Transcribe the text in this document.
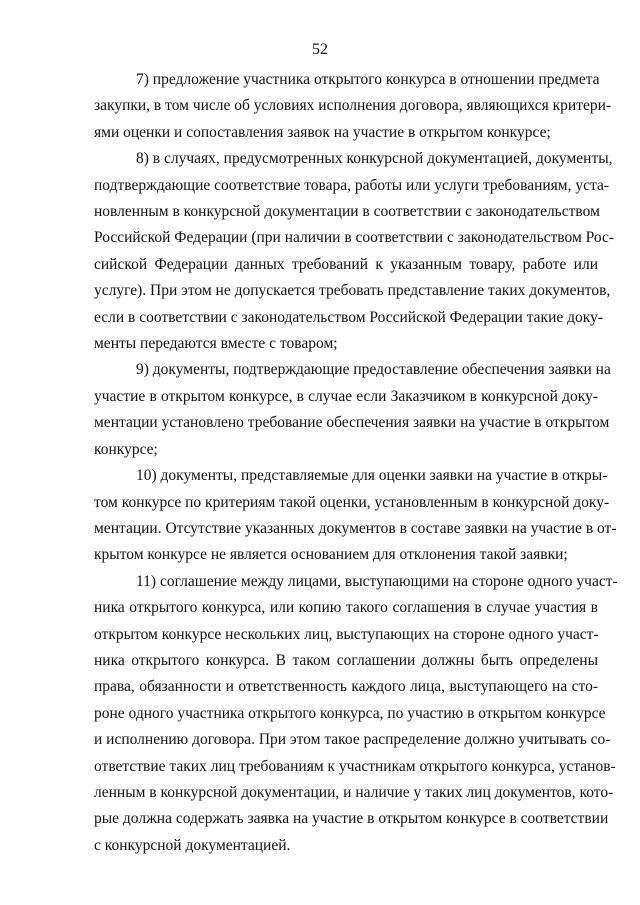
52

7) предложение участника открытого конкурса в отношении предмета
закупки, в том числе об условиях исполнения договора, являющихся критери-
ями оценки и сопоставления заявок на участие в открытом конкурсе;

8) в случаях, предусмотренных конкурсной документацией, документы,
подтверждающие соответствие товара, работы или услуги требованиям, уста-
новленным в конкурсной документации в соответствии с законодательством
Российской Федерации (при наличии в соответствии с законодательством Рос-
сийской Федерации данных требований к указанным товару, работе или
услуге). При этом не допускается требовать представление таких документов,
если в соответствии с законодательством Российской Федерации такие доку-
менты передаются вместе с товаром;

9) документы, подтверждающие предоставление обеспечения заявки на
участие в открытом конкурсе, в случае если Заказчиком в конкурсной доку-
ментации установлено требование обеспечения заявки на участие в открытом
конкурсе;

10) документы, представляемые для оценки заявки на участие в откры-
том конкурсе по критериям такой оценки, установленным в конкурсной доку-
ментации. Отсутствие указанных документов в составе заявки на участие в от-
крытом конкурсе не является основанием для отклонения такой заявки;

11) соглашение между лицами, выступающими на стороне одного участ-
ника открытого конкурса, или копию такого соглашения в случае участия в
открытом конкурсе нескольких лиц, выступающих на стороне одного участ-
ника открытого конкурса. В таком соглашении должны быть определены
права, обязанности и ответственность каждого лица, выступающего на сто-
роне одного участника открытого конкурса, по участию в открытом конкурсе
и исполнению договора. При этом такое распределение должно учитывать со-
ответствие таких лиц требованиям к участникам открытого конкурса, установ-
ленным в конкурсной документации, и наличие у таких лиц документов, кото-
рые должна содержать заявка на участие в открытом конкурсе в соответствии
с конкурсной документацией.
